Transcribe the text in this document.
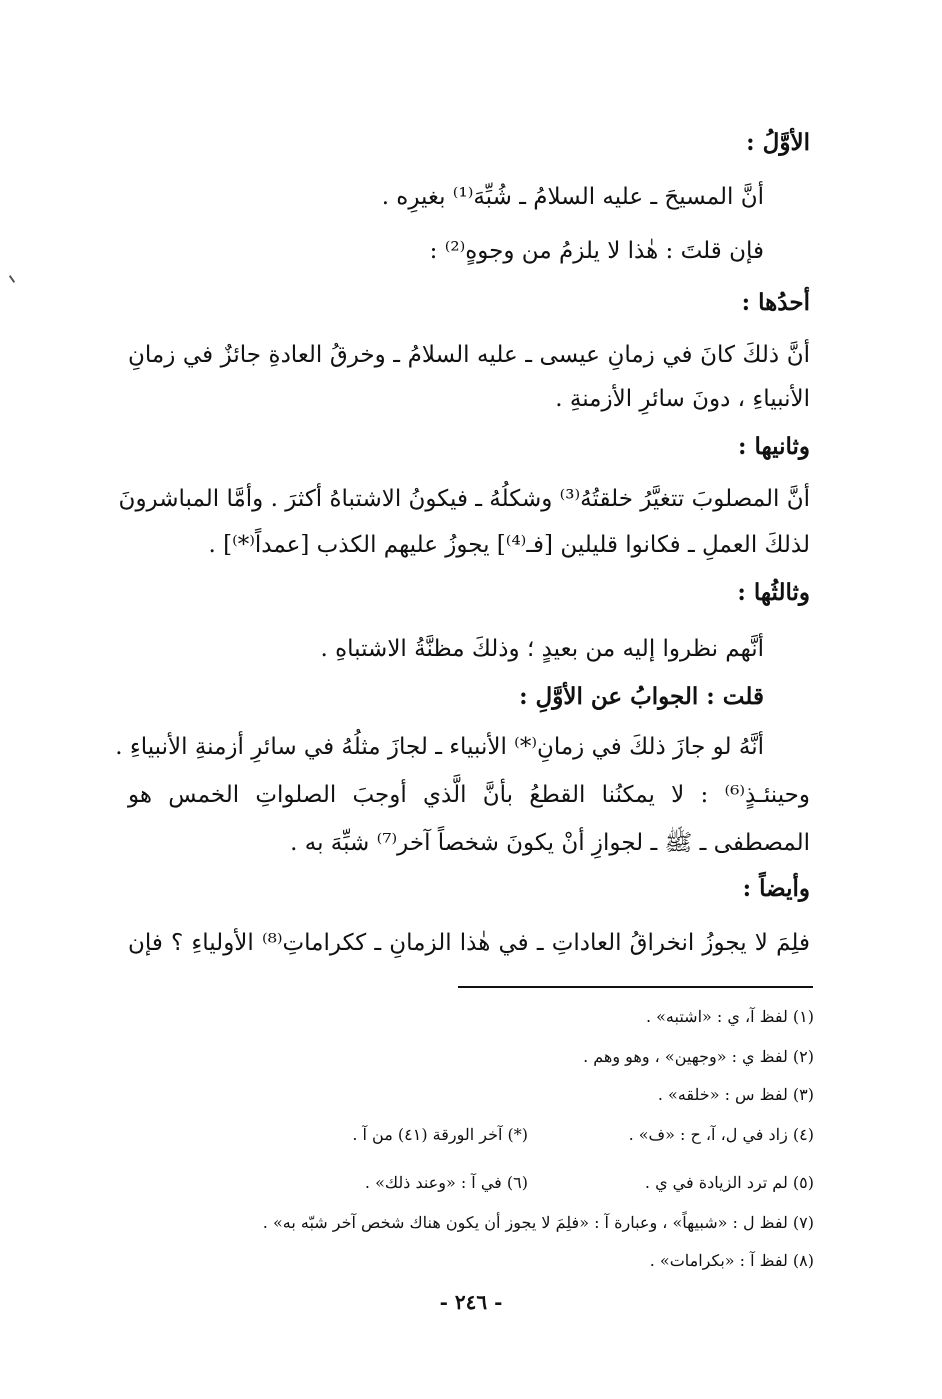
الأوَّلُ :
أنَّ المسيحَ ـ عليه السلامُ ـ شُبِّهَ⁽¹⁾ بغيرِه .
فإن قلتَ : هٰذا لا يلزمُ من وجوهٍ⁽²⁾ :
أحدُها :
أنَّ ذلكَ كانَ في زمانِ عيسى ـ عليه السلامُ ـ وخرقُ العادةِ جائزٌ في زمانِ
الأنبياءِ ، دونَ سائرِ الأزمنةِ .
وثانيها :
أنَّ المصلوبَ تتغيَّرُ خلقتُهُ⁽³⁾ وشكلُهُ ـ فيكونُ الاشتباهُ أكثرَ . وأمَّا المباشرونَ
لذلكَ العملِ ـ فكانوا قليلين [فـ⁽⁴⁾] يجوزُ عليهم الكذب [عمداً⁽*⁾] .
وثالثُها :
أنَّهم نظروا إليه من بعيدٍ ؛ وذلكَ مظنَّةُ الاشتباهِ .
قلت : الجوابُ عن الأوَّلِ :
أنَّهُ لو جازَ ذلكَ في زمانِ⁽*⁾ الأنبياء ـ لجازَ مثلُهُ في سائرِ أزمنةِ الأنبياءِ .
وحينئـذٍ⁽⁶⁾ : لا يمكنُنا القطعُ بأنَّ الَّذي أوجبَ الصلواتِ الخمس هو
المصطفى ـ ﷺ ـ لجوازِ أنْ يكونَ شخصاً آخر⁽⁷⁾ شبِّهَ به .
وأيضاً :
فلِمَ لا يجوزُ انخراقُ العاداتِ ـ في هٰذا الزمانِ ـ ككراماتِ⁽⁸⁾ الأولياءِ ؟ فإن
(١) لفظ آ، ي : «اشتبه» .
(٢) لفظ ي : «وجهين» ، وهو وهم .
(٣) لفظ س : «خلقه» .
(٤) زاد في ل، آ، ح : «ف» .
(*) آخر الورقة (٤١) من آ .
(٥) لم ترد الزيادة في ي .
(٦) في آ : «وعند ذلك» .
(٧) لفظ ل : «شبيهاً» ، وعبارة آ : «فلِمَ لا يجوز أن يكون هناك شخص آخر شبّه به» .
(٨) لفظ آ : «بكرامات» .
- ٢٤٦ -
